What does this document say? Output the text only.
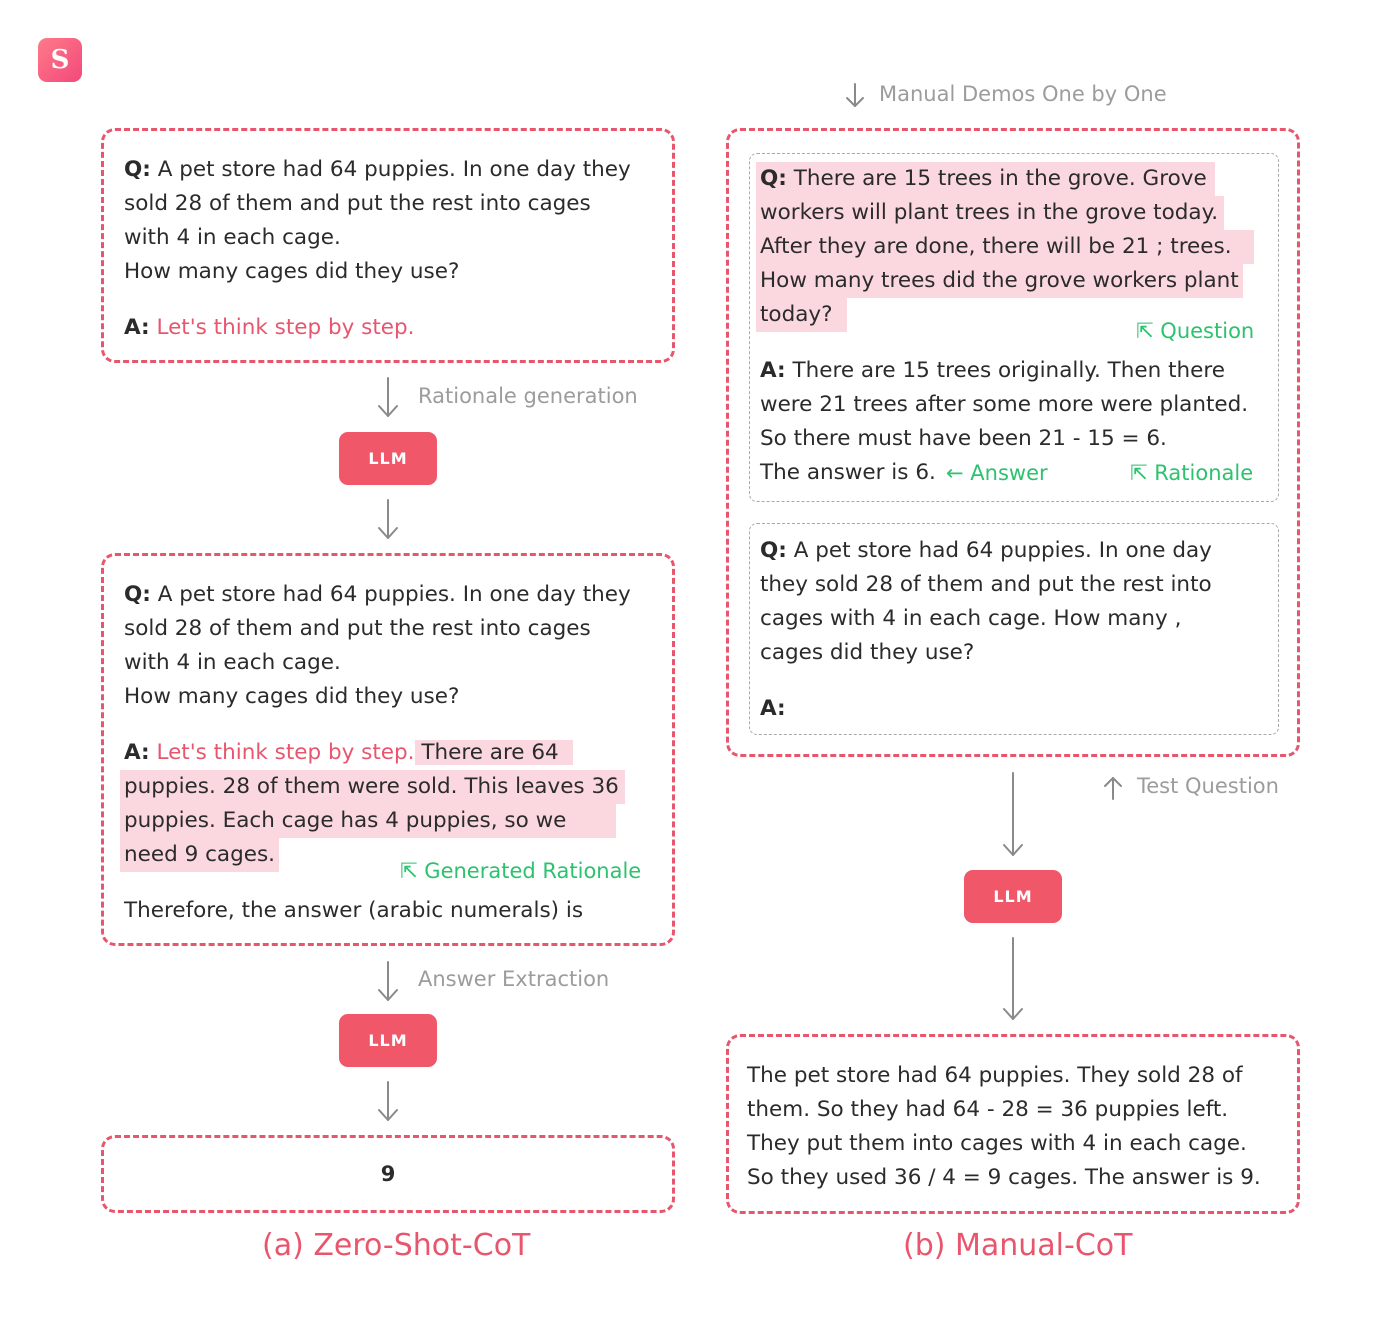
S
Q: A pet store had 64 puppies. In one day they
sold 28 of them and put the rest into cages
with 4 in each cage.
How many cages did they use?
A: Let's think step by step.
Rationale generation
LLM
Q: A pet store had 64 puppies. In one day they
sold 28 of them and put the rest into cages
with 4 in each cage.
How many cages did they use?
A: Let's think step by step. There are 64
puppies. 28 of them were sold. This leaves 36
puppies. Each cage has 4 puppies, so we
need 9 cages.
⇱ Generated Rationale
Therefore, the answer (arabic numerals) is
Answer Extraction
LLM
9
(a) Zero-Shot-CoT
Manual Demos One by One
Q: There are 15 trees in the grove. Grove
workers will plant trees in the grove today.
After they are done, there will be 21 ; trees.
How many trees did the grove workers plant
today?
⇱ Question
A: There are 15 trees originally. Then there
were 21 trees after some more were planted.
So there must have been 21 - 15 = 6.
The answer is 6. ← Answer	⇱ Rationale
Q: A pet store had 64 puppies. In one day
they sold 28 of them and put the rest into
cages with 4 in each cage. How many ,
cages did they use?
A:
Test Question
LLM
The pet store had 64 puppies. They sold 28 of
them. So they had 64 - 28 = 36 puppies left.
They put them into cages with 4 in each cage.
So they used 36 / 4 = 9 cages. The answer is 9.
(b) Manual-CoT
